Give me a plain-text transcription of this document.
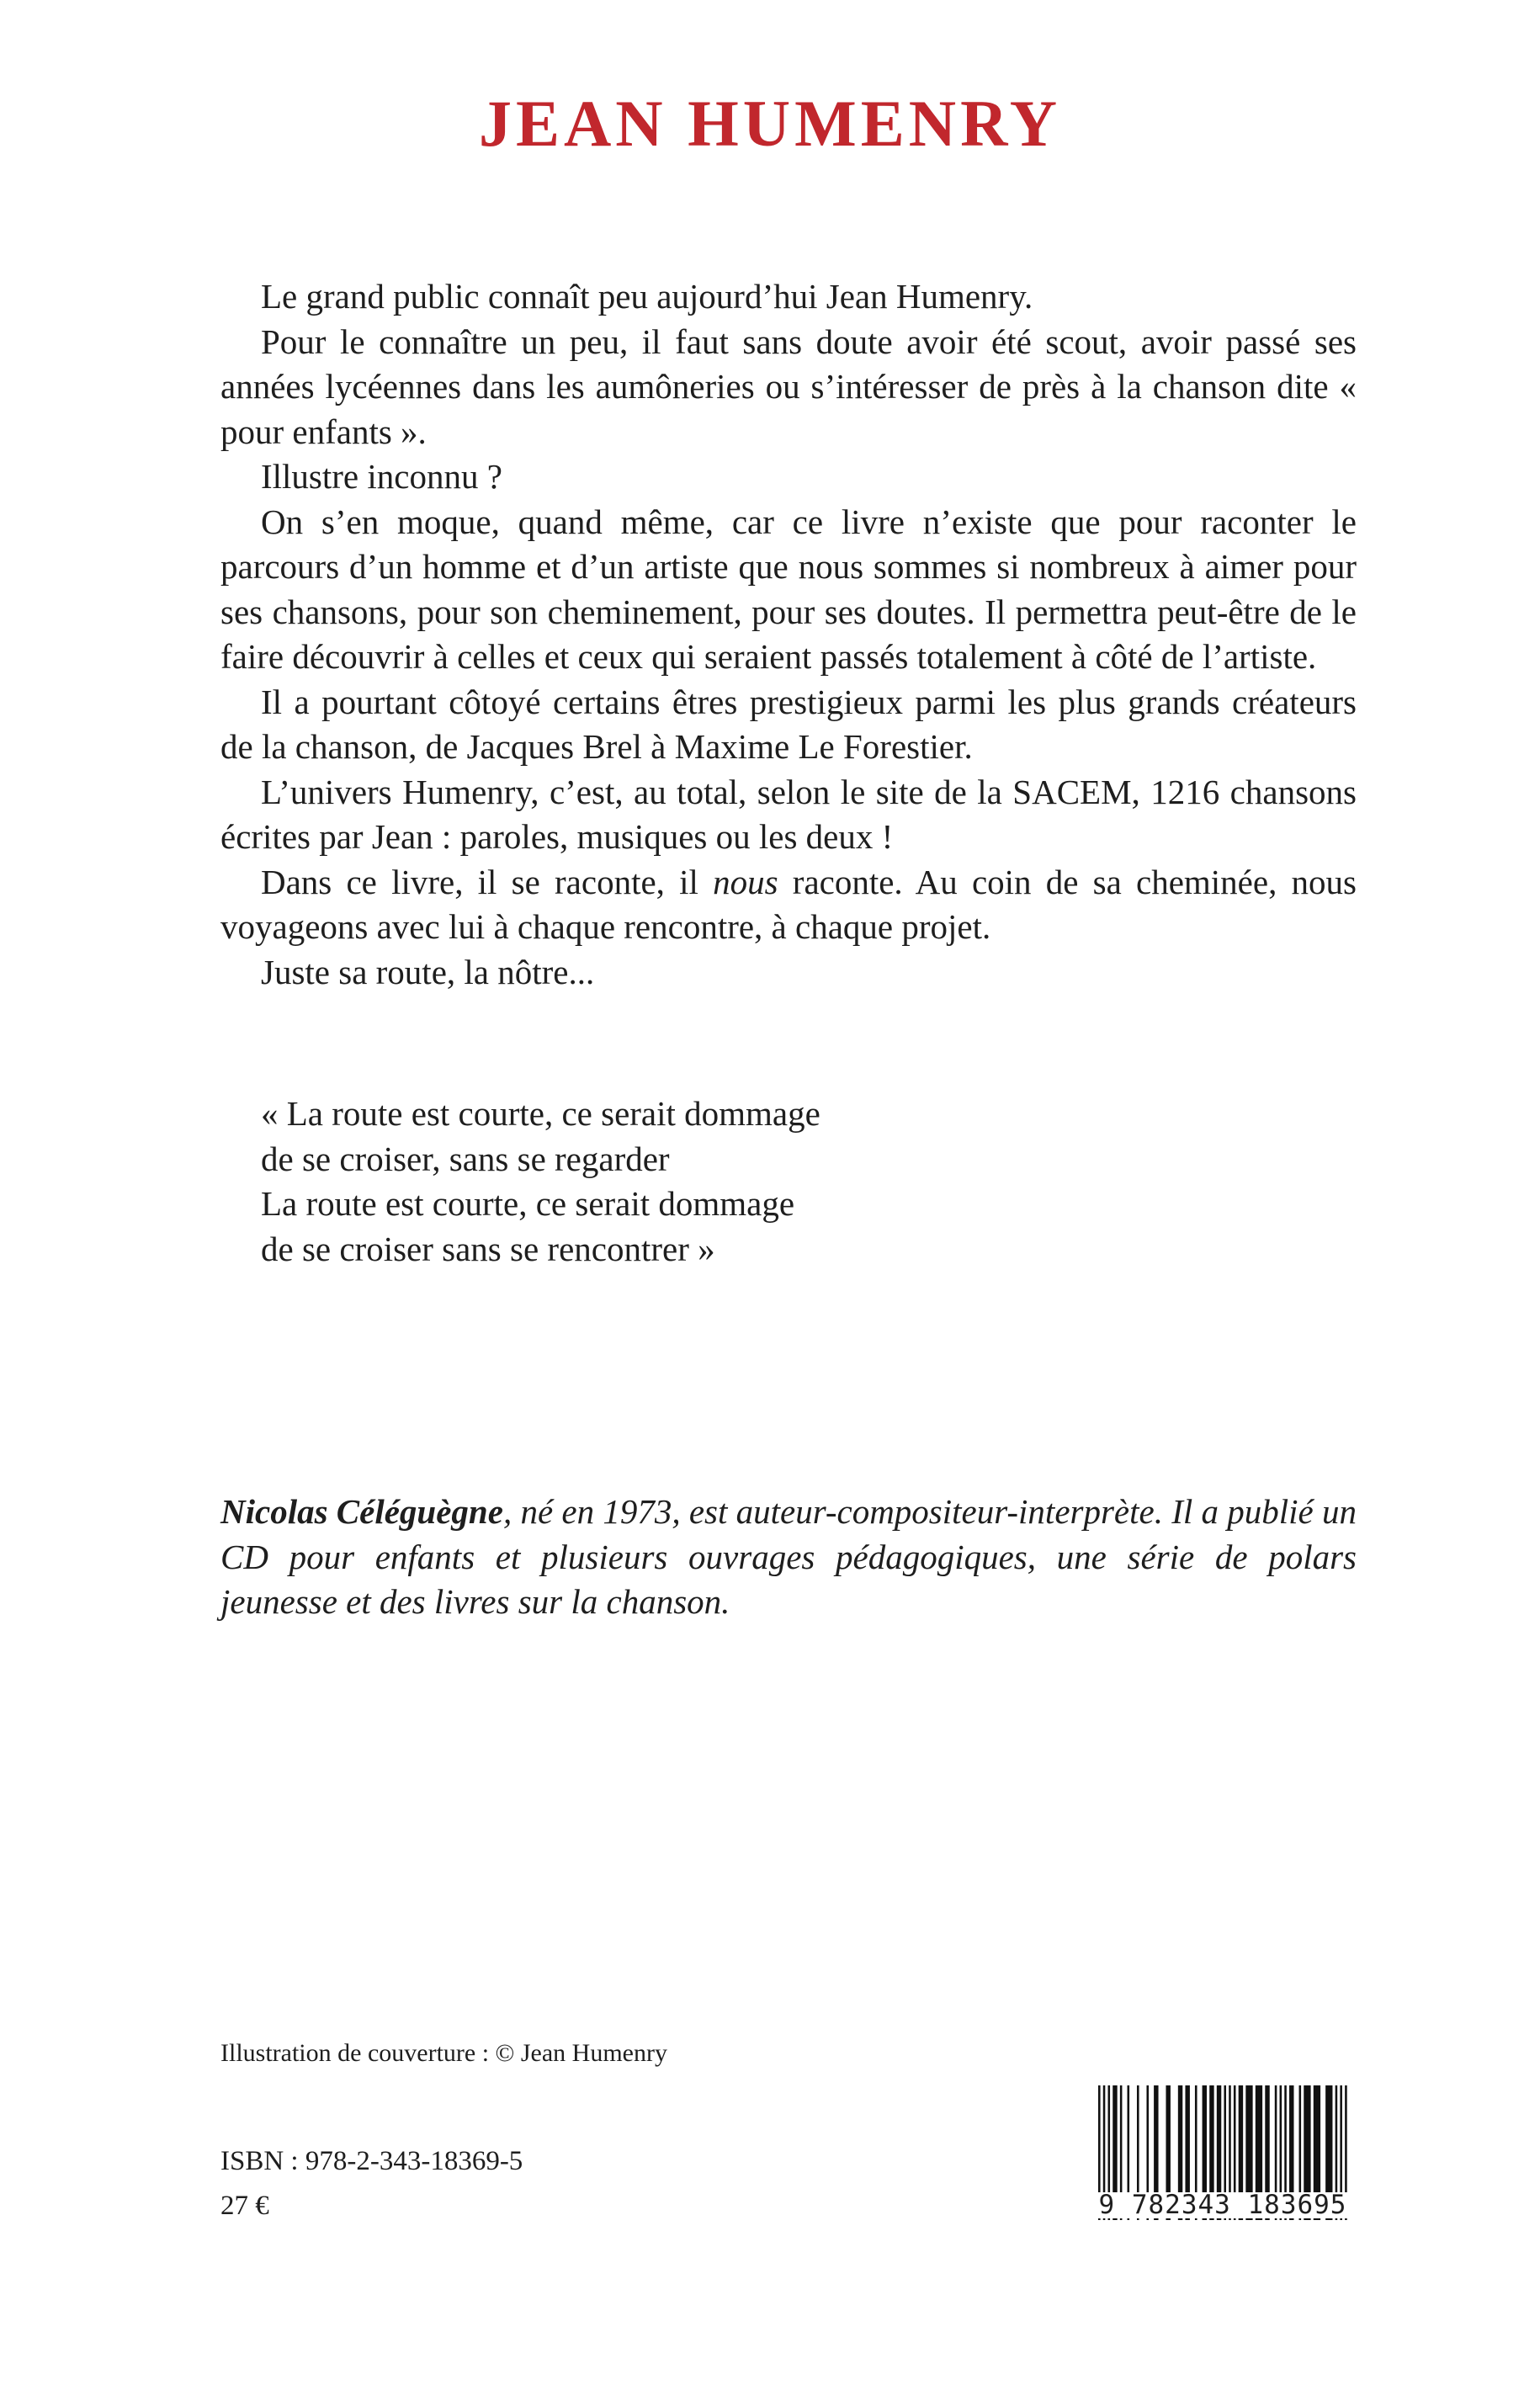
JEAN HUMENRY

Le grand public connaît peu aujourd’hui Jean Humenry.

Pour le connaître un peu, il faut sans doute avoir été scout, avoir passé ses années lycéennes dans les aumôneries ou s’intéresser de près à la chanson dite « pour enfants ».

Illustre inconnu ?

On s’en moque, quand même, car ce livre n’existe que pour raconter le parcours d’un homme et d’un artiste que nous sommes si nombreux à aimer pour ses chansons, pour son cheminement, pour ses doutes. Il permettra peut-être de le faire découvrir à celles et ceux qui seraient passés totalement à côté de l’artiste.

Il a pourtant côtoyé certains êtres prestigieux parmi les plus grands créateurs de la chanson, de Jacques Brel à Maxime Le Forestier.

L’univers Humenry, c’est, au total, selon le site de la SACEM, 1216 chansons écrites par Jean : paroles, musiques ou les deux !

Dans ce livre, il se raconte, il nous raconte. Au coin de sa cheminée, nous voyageons avec lui à chaque rencontre, à chaque projet.

Juste sa route, la nôtre...

« La route est courte, ce serait dommage
de se croiser, sans se regarder
La route est courte, ce serait dommage
de se croiser sans se rencontrer »

Nicolas Céléguègne, né en 1973, est auteur-compositeur-interprète. Il a publié un CD pour enfants et plusieurs ouvrages pédagogiques, une série de polars jeunesse et des livres sur la chanson.

Illustration de couverture : © Jean Humenry

ISBN : 978-2-343-18369-5

27 €	9 782343 183695
